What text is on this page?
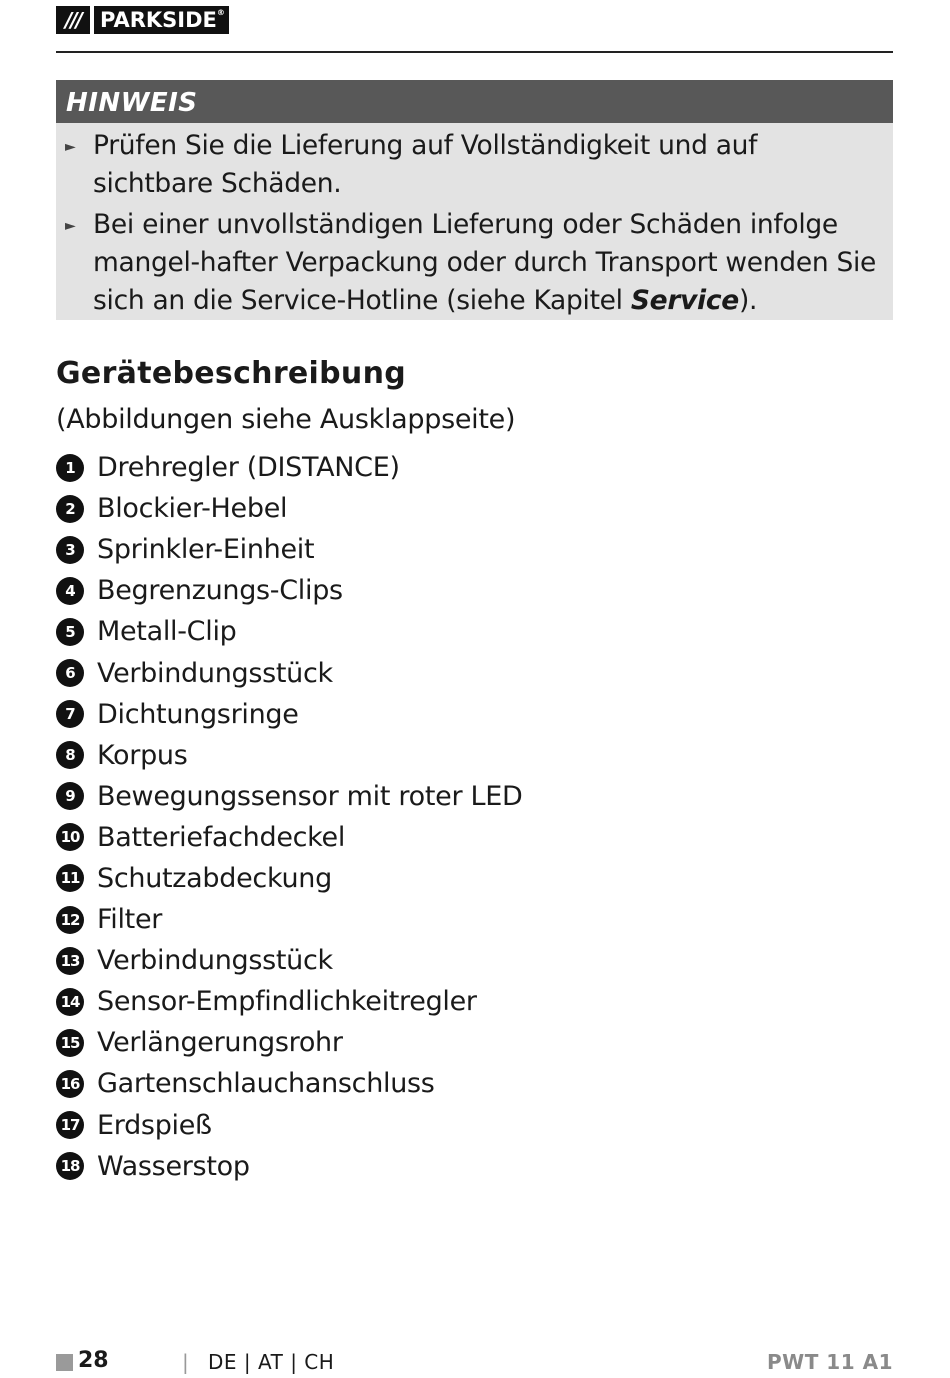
/// PARKSIDE®
HINWEIS
► Prüfen Sie die Lieferung auf Vollständigkeit und auf sichtbare Schäden.
► Bei einer unvollständigen Lieferung oder Schäden infolge mangel-hafter Verpackung oder durch Transport wenden Sie sich an die Service-Hotline (siehe Kapitel Service).
Gerätebeschreibung
(Abbildungen siehe Ausklappseite)
1 Drehregler (DISTANCE)
2 Blockier-Hebel
3 Sprinkler-Einheit
4 Begrenzungs-Clips
5 Metall-Clip
6 Verbindungsstück
7 Dichtungsringe
8 Korpus
9 Bewegungssensor mit roter LED
10 Batteriefachdeckel
11 Schutzabdeckung
12 Filter
13 Verbindungsstück
14 Sensor-Empfindlichkeitregler
15 Verlängerungsrohr
16 Gartenschlauchanschluss
17 Erdspieß
18 Wasserstop
28	| DE | AT | CH	PWT 11 A1
